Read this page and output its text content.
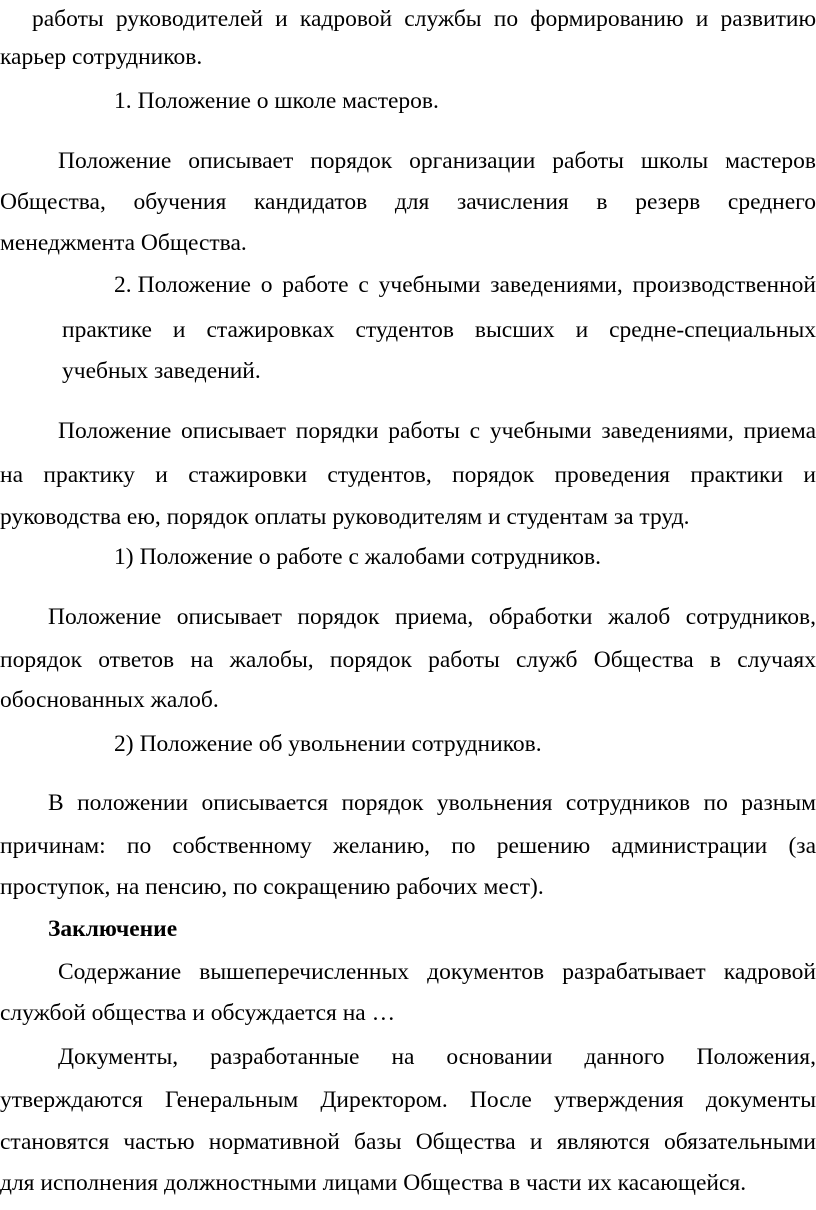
работы руководителей и кадровой службы по формированию и развитию

карьер сотрудников.

1. Положение о школе мастеров.

Положение описывает порядок организации работы школы мастеров

Общества, обучения кандидатов для зачисления в резерв среднего

менеджмента Общества.

2. Положение о работе с учебными заведениями, производственной

практике и стажировках студентов высших и средне-специальных

учебных заведений.

Положение описывает порядки работы с учебными заведениями, приема

на практику и стажировки студентов, порядок проведения практики и

руководства ею, порядок оплаты руководителям и студентам за труд.

1) Положение о работе с жалобами сотрудников.

Положение описывает порядок приема, обработки жалоб сотрудников,

порядок ответов на жалобы, порядок работы служб Общества в случаях

обоснованных жалоб.

2) Положение об увольнении сотрудников.

В положении описывается порядок увольнения сотрудников по разным

причинам: по собственному желанию, по решению администрации (за

проступок, на пенсию, по сокращению рабочих мест).

Заключение

Содержание вышеперечисленных документов разрабатывает кадровой

службой общества и обсуждается на …

Документы, разработанные на основании данного Положения,

утверждаются Генеральным Директором. После утверждения документы

становятся частью нормативной базы Общества и являются обязательными

для исполнения должностными лицами Общества в части их касающейся.
